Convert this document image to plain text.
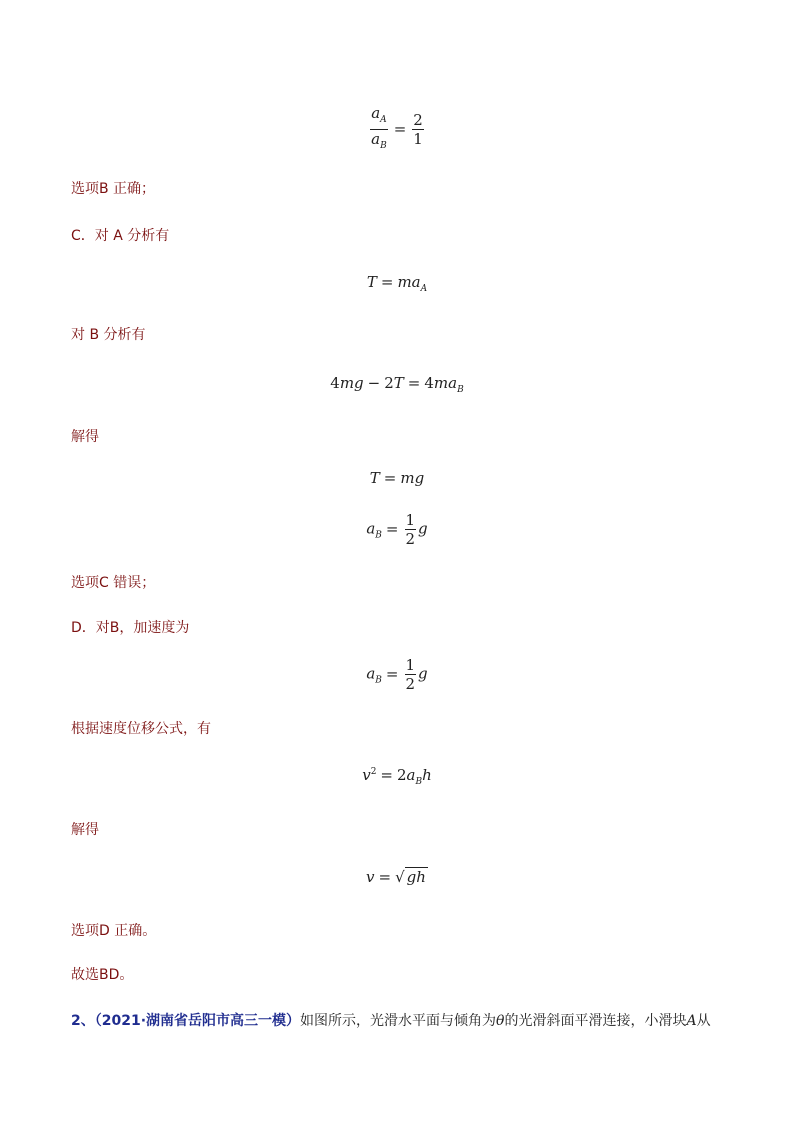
$\frac{a_A}{a_B} = \frac{2}{1}$
选项B 正确；
C．对 A 分析有
$T = ma_A$
对 B 分析有
$4mg - 2T = 4ma_B$
解得
T = mg
$a_B = \frac{1}{2}$ g
选项C 错误；
D．对B，加速度为
$a_B = \frac{1}{2}$ g
根据速度位移公式，有
$v^2 = 2a_Bh$
解得
v = √ gh
选项D 正确。
故选BD。
2、（2021·湖南省岳阳市高三一模）如图所示，光滑水平面与倾角为θ的光滑斜面平滑连接，小滑块A从
